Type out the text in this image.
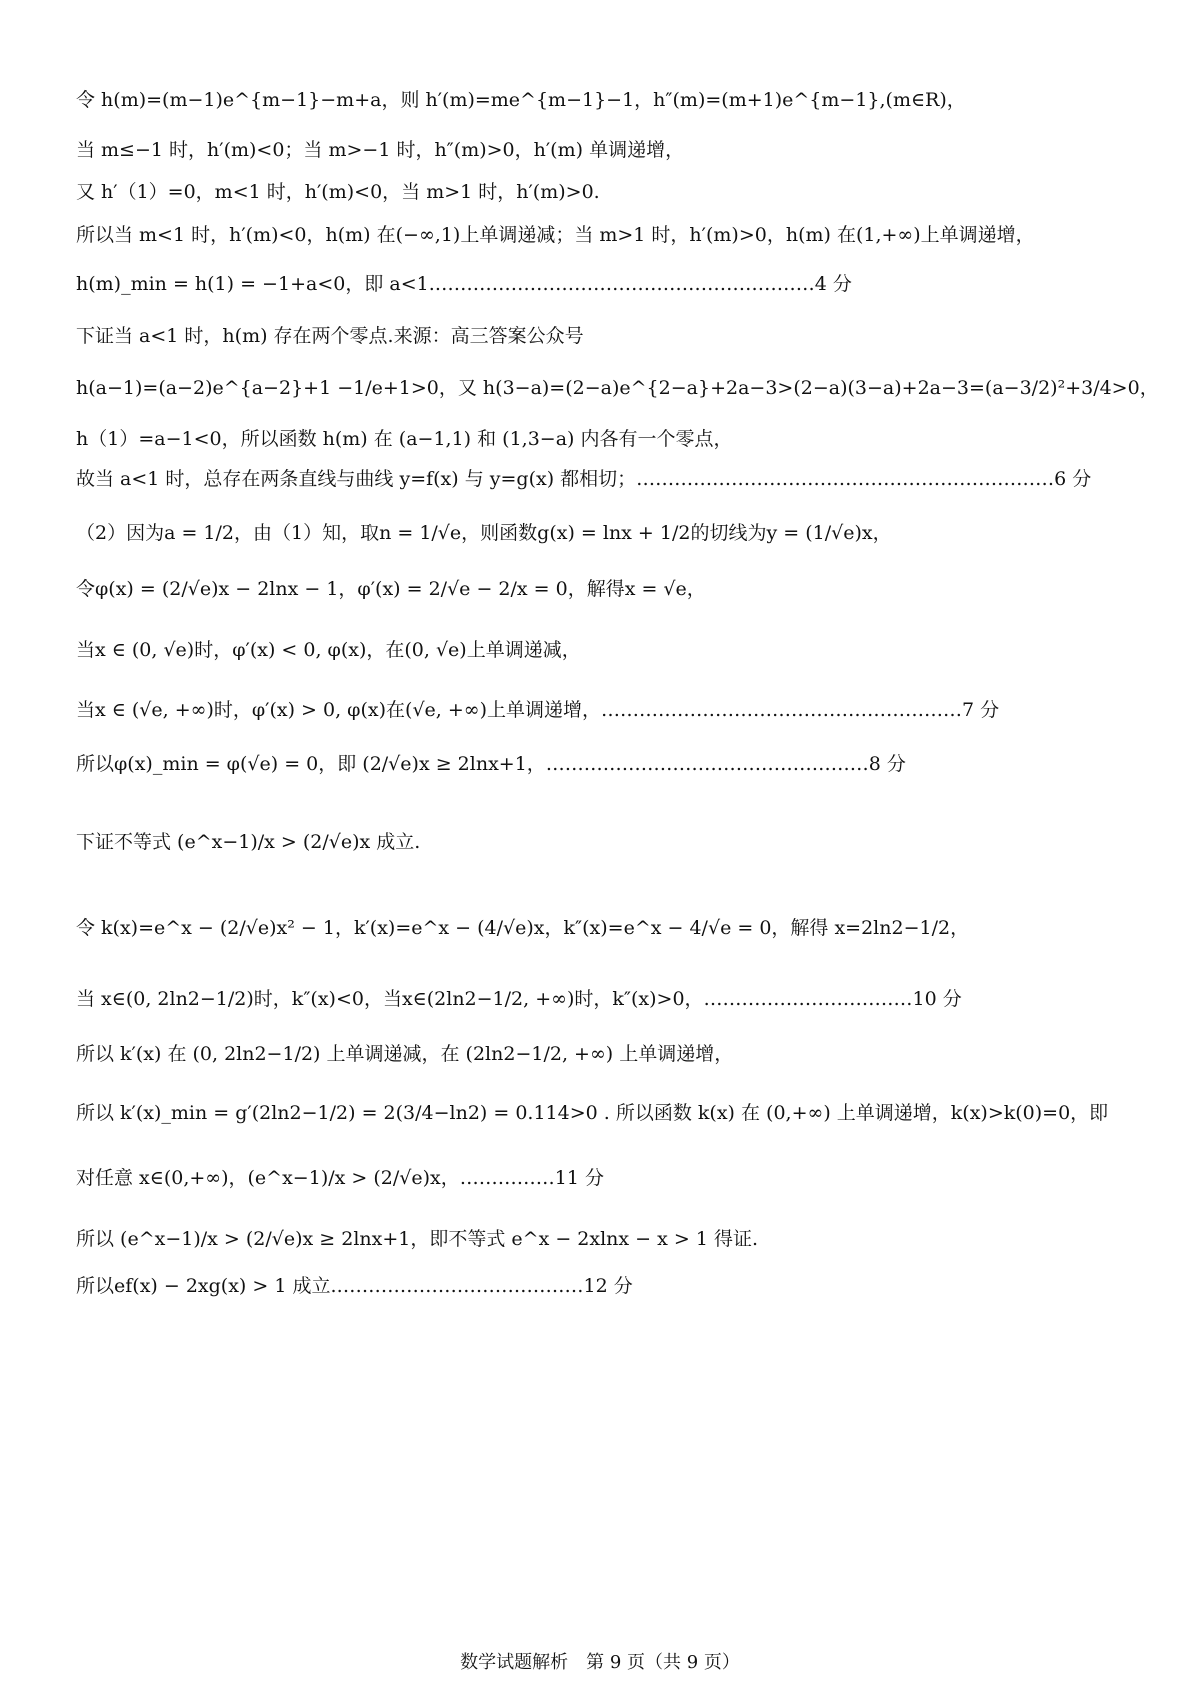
令 h(m)=(m−1)e^{m−1}−m+a，则 h′(m)=me^{m−1}−1，h″(m)=(m+1)e^{m−1},(m∈R)，
当 m≤−1 时，h′(m)<0；当 m>−1 时，h″(m)>0，h′(m) 单调递增，
又 h′（1）=0，m<1 时，h′(m)<0，当 m>1 时，h′(m)>0.
所以当 m<1 时，h′(m)<0，h(m) 在(−∞,1)上单调递减；当 m>1 时，h′(m)>0，h(m) 在(1,+∞)上单调递增，
h(m)_min = h(1) = −1+a<0，即 a<1.……………………………………………………4 分
下证当 a<1 时，h(m) 存在两个零点.来源：高三答案公众号
h(a−1)=(a−2)e^{a−2}+1 −1/e+1>0，又 h(3−a)=(2−a)e^{2−a}+2a−3>(2−a)(3−a)+2a−3=(a−3/2)²+3/4>0，
h（1）=a−1<0，所以函数 h(m) 在 (a−1,1) 和 (1,3−a) 内各有一个零点，
故当 a<1 时，总存在两条直线与曲线 y=f(x) 与 y=g(x) 都相切；…………………………………………………………6 分
（2）因为a = 1/2，由（1）知，取n = 1/√e，则函数g(x) = lnx + 1/2的切线为y = (1/√e)x，
令φ(x) = (2/√e)x − 2lnx − 1，φ′(x) = 2/√e − 2/x = 0，解得x = √e，
当x ∈ (0, √e)时，φ′(x) < 0, φ(x)，在(0, √e)上单调递减，
当x ∈ (√e, +∞)时，φ′(x) > 0, φ(x)在(√e, +∞)上单调递增，…………………………………………………7 分
所以φ(x)_min = φ(√e) = 0，即 (2/√e)x ≥ 2lnx+1，……………………………………………8 分
下证不等式 (e^x−1)/x > (2/√e)x 成立.
令 k(x)=e^x − (2/√e)x² − 1，k′(x)=e^x − (4/√e)x，k″(x)=e^x − 4/√e = 0，解得 x=2ln2−1/2，
当 x∈(0, 2ln2−1/2)时，k″(x)<0，当x∈(2ln2−1/2, +∞)时，k″(x)>0，……………………………10 分
所以 k′(x) 在 (0, 2ln2−1/2) 上单调递减，在 (2ln2−1/2, +∞) 上单调递增，
所以 k′(x)_min = g′(2ln2−1/2) = 2(3/4−ln2) = 0.114>0 . 所以函数 k(x) 在 (0,+∞) 上单调递增，k(x)>k(0)=0，即
对任意 x∈(0,+∞)，(e^x−1)/x > (2/√e)x，……………11 分
所以 (e^x−1)/x > (2/√e)x ≥ 2lnx+1，即不等式 e^x − 2xlnx − x > 1 得证.
所以ef(x) − 2xg(x) > 1 成立.…………………………………12 分
数学试题解析　第 9 页（共 9 页）
